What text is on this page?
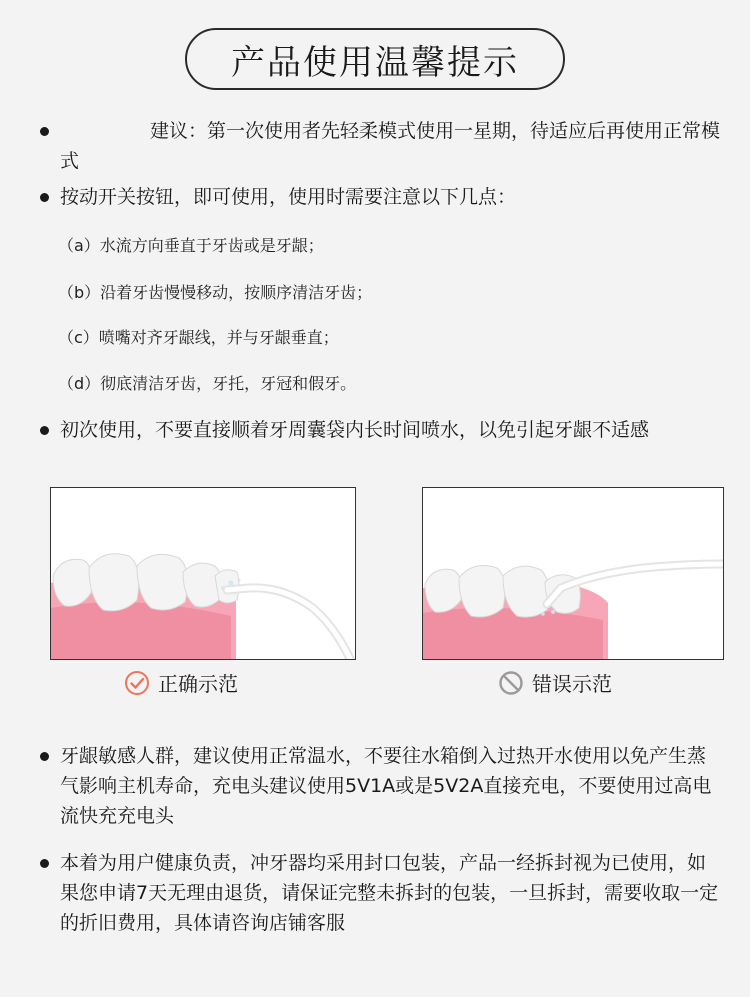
产品使用温馨提示
建议：第一次使用者先轻柔模式使用一星期，待适应后再使用正常模式
按动开关按钮，即可使用，使用时需要注意以下几点：
（a）水流方向垂直于牙齿或是牙龈；
（b）沿着牙齿慢慢移动，按顺序清洁牙齿；
（c）喷嘴对齐牙龈线，并与牙龈垂直；
（d）彻底清洁牙齿，牙托，牙冠和假牙。
初次使用，不要直接顺着牙周囊袋内长时间喷水，以免引起牙龈不适感
正确示范	错误示范
牙龈敏感人群，建议使用正常温水，不要往水箱倒入过热开水使用以免产生蒸气影响主机寿命，充电头建议使用5V1A或是5V2A直接充电，不要使用过高电流快充充电头
本着为用户健康负责，冲牙器均采用封口包装，产品一经拆封视为已使用，如果您申请7天无理由退货，请保证完整未拆封的包装，一旦拆封，需要收取一定的折旧费用，具体请咨询店铺客服
